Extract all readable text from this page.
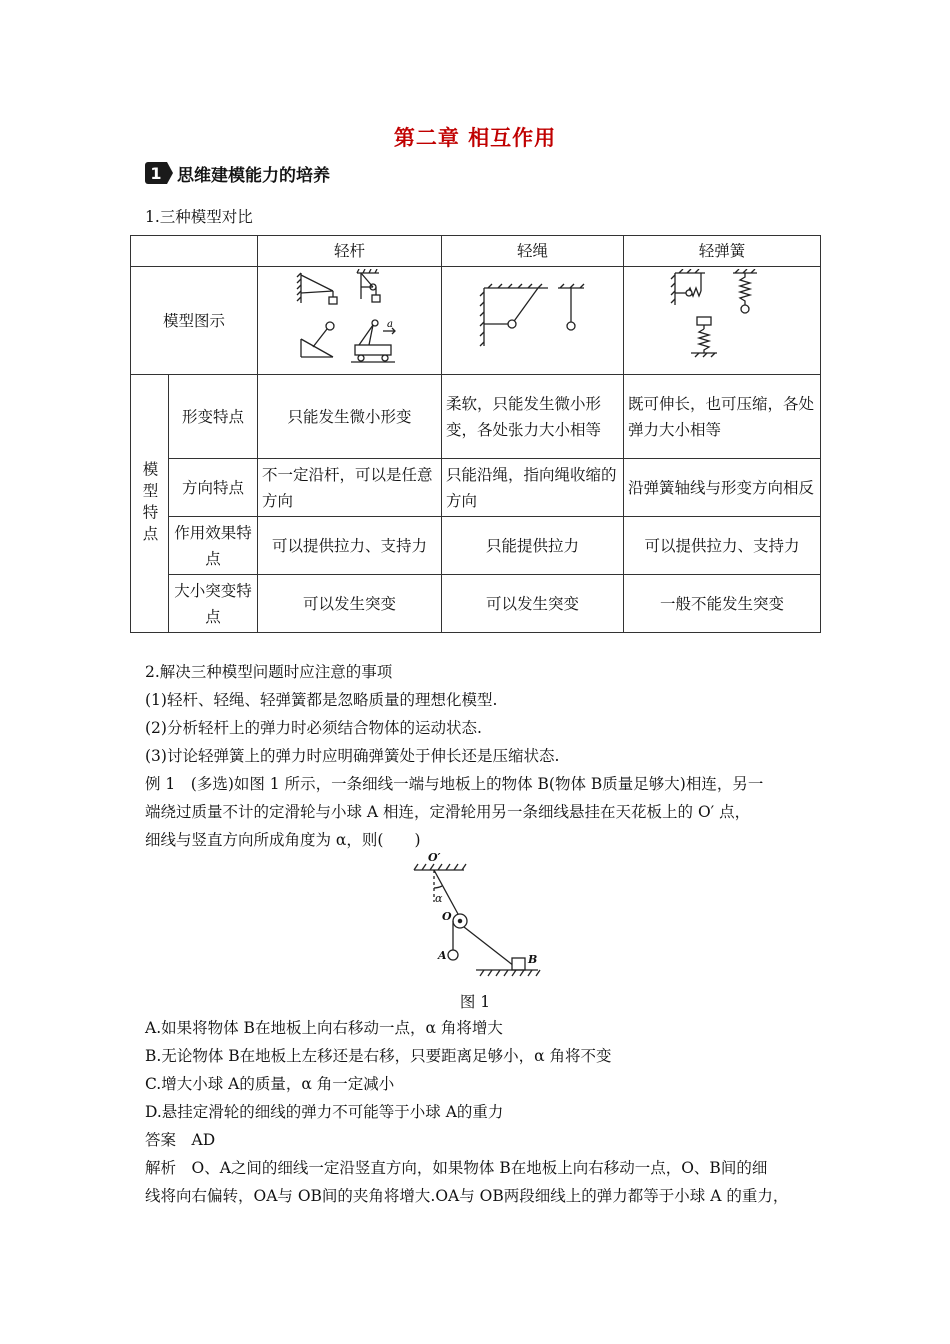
第二章 相互作用
1 思维建模能力的培养
1.三种模型对比
		轻杆	轻绳	轻弹簧
模型图示		a

模型特点	形变特点	只能发生微小形变	柔软，只能发生微小形变，各处张力大小相等	既可伸长，也可压缩，各处弹力大小相等
	方向特点	不一定沿杆，可以是任意方向	只能沿绳，指向绳收缩的方向	沿弹簧轴线与形变方向相反
	作用效果特点	可以提供拉力、支持力	只能提供拉力	可以提供拉力、支持力
	大小突变特点	可以发生突变	可以发生突变	一般不能发生突变
2.解决三种模型问题时应注意的事项
(1)轻杆、轻绳、轻弹簧都是忽略质量的理想化模型.
(2)分析轻杆上的弹力时必须结合物体的运动状态.
(3)讨论轻弹簧上的弹力时应明确弹簧处于伸长还是压缩状态.
例 1　(多选)如图 1 所示，一条细线一端与地板上的物体 B(物体 B质量足够大)相连，另一
端绕过质量不计的定滑轮与小球 A 相连，定滑轮用另一条细线悬挂在天花板上的 O′ 点，
细线与竖直方向所成角度为 α，则(　　)
O′
α
O
A	B
图 1
A.如果将物体 B在地板上向右移动一点，α 角将增大
B.无论物体 B在地板上左移还是右移，只要距离足够小，α 角将不变
C.增大小球 A的质量，α 角一定减小
D.悬挂定滑轮的细线的弹力不可能等于小球 A的重力
答案　AD
解析　O、A之间的细线一定沿竖直方向，如果物体 B在地板上向右移动一点，O、B间的细
线将向右偏转，OA与 OB间的夹角将增大.OA与 OB两段细线上的弹力都等于小球 A 的重力，
